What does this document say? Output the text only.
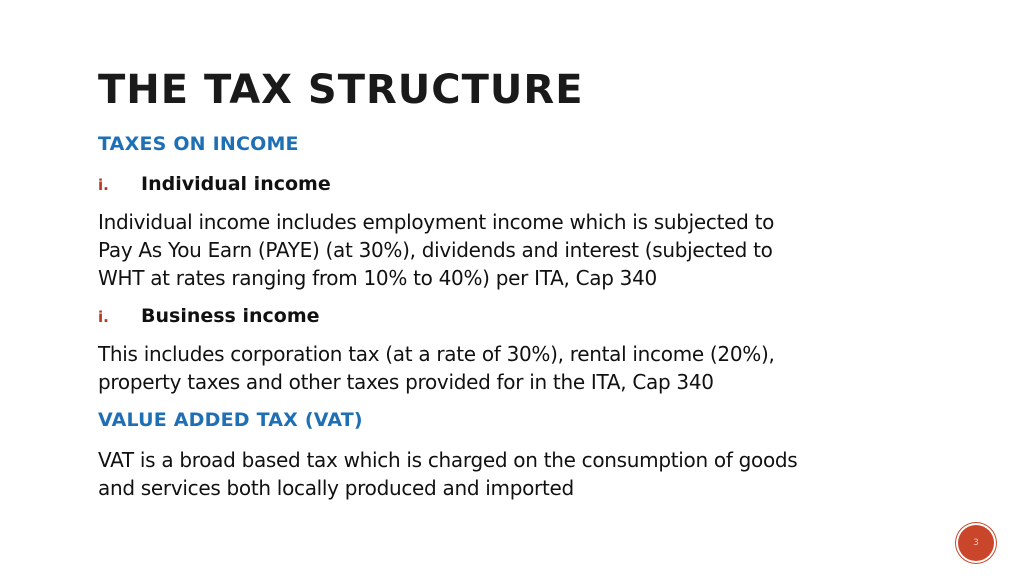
THE TAX STRUCTURE
TAXES ON INCOME
i.	Individual income
Individual income includes employment income which is subjected to
Pay As You Earn (PAYE) (at 30%), dividends and interest (subjected to
WHT at rates ranging from 10% to 40%) per ITA, Cap 340
i.	Business income
This includes corporation tax (at a rate of 30%), rental income (20%),
property taxes and other taxes provided for in the ITA, Cap 340
VALUE ADDED TAX (VAT)
VAT is a broad based tax which is charged on the consumption of goods
and services both locally produced and imported
3
